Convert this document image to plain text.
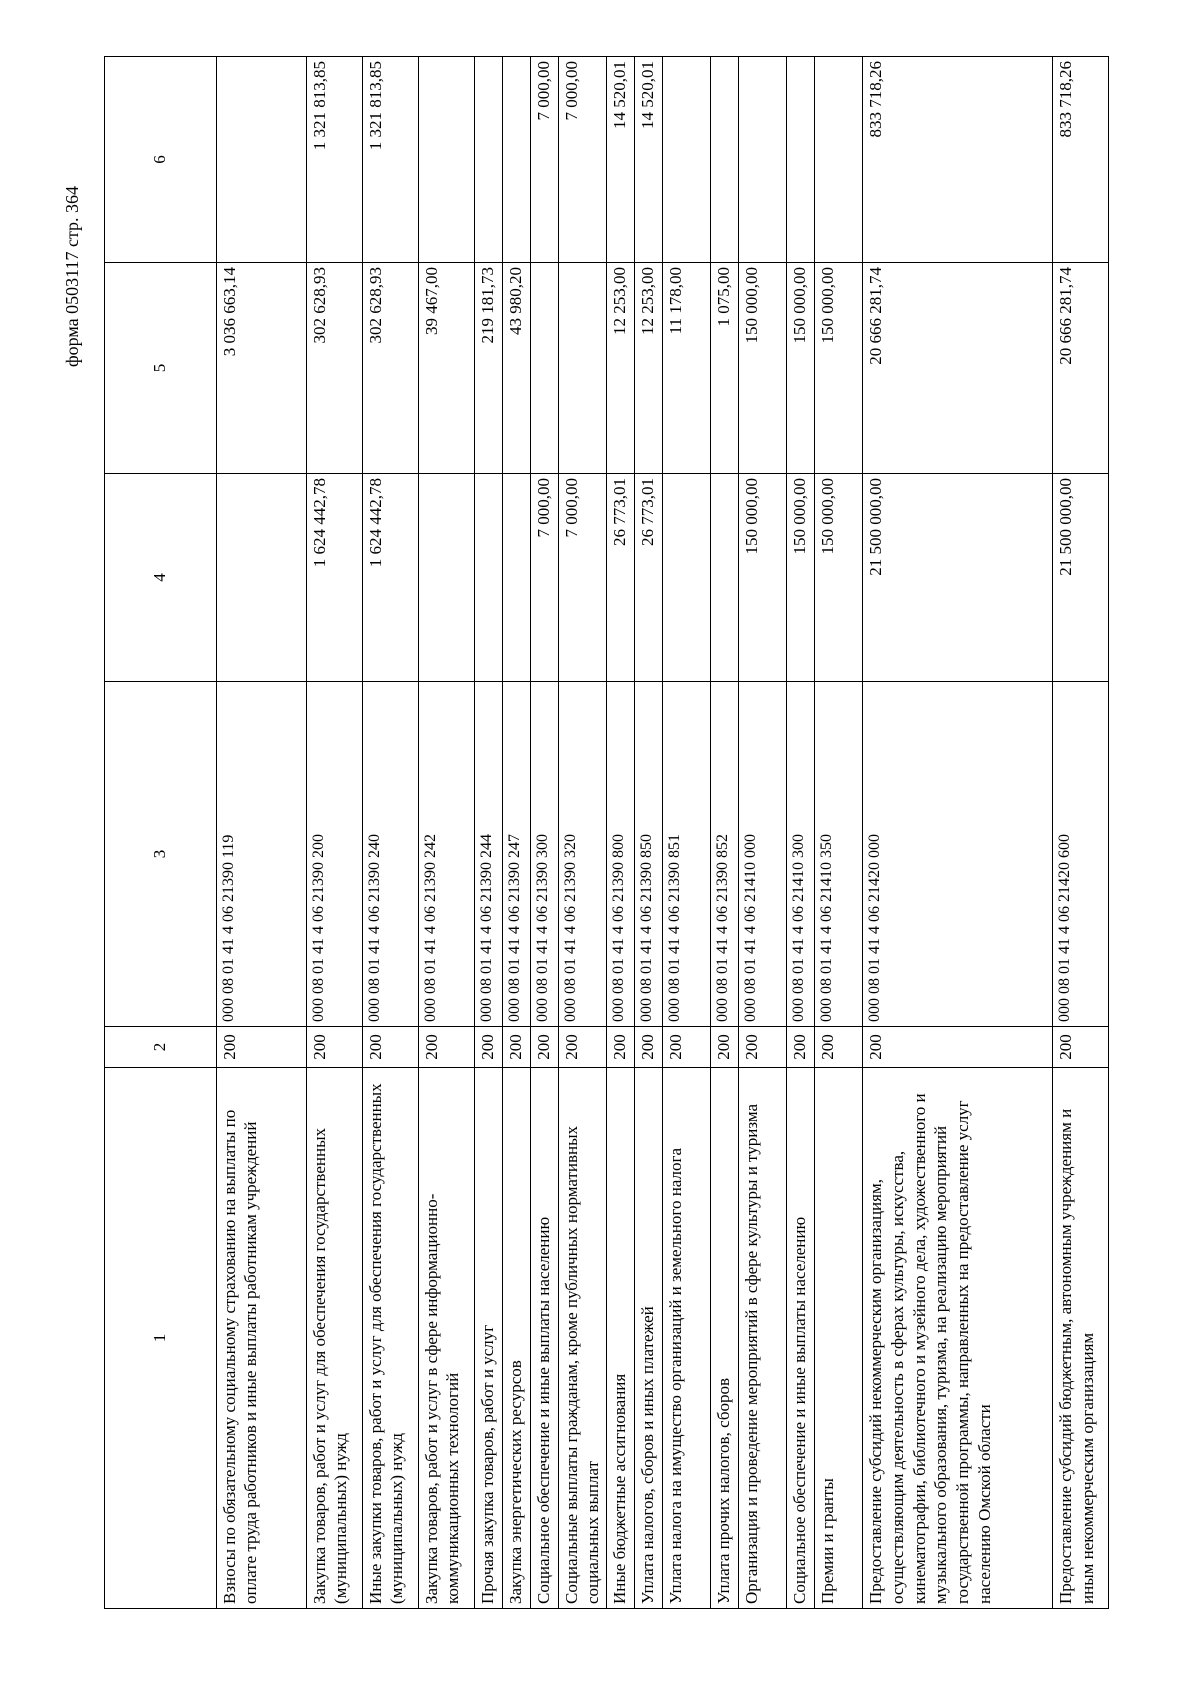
форма 0503117 стр. 364
1	2	3	4	5	6
Взносы по обязательному социальному страхованию на выплаты по оплате труда работников и иные выплаты работникам учреждений	200	000 08 01 41 4 06 21390 119		3 036 663,14	
Закупка товаров, работ и услуг для обеспечения государственных (муниципальных) нужд	200	000 08 01 41 4 06 21390 200	1 624 442,78	302 628,93	1 321 813,85
Иные закупки товаров, работ и услуг для обеспечения государственных (муниципальных) нужд	200	000 08 01 41 4 06 21390 240	1 624 442,78	302 628,93	1 321 813,85
Закупка товаров, работ и услуг в сфере информационно-коммуникационных технологий	200	000 08 01 41 4 06 21390 242		39 467,00	
Прочая закупка товаров, работ и услуг	200	000 08 01 41 4 06 21390 244		219 181,73	
Закупка энергетических ресурсов	200	000 08 01 41 4 06 21390 247		43 980,20	
Социальное обеспечение и иные выплаты населению	200	000 08 01 41 4 06 21390 300	7 000,00		7 000,00
Социальные выплаты гражданам, кроме публичных нормативных социальных выплат	200	000 08 01 41 4 06 21390 320	7 000,00		7 000,00
Иные бюджетные ассигнования	200	000 08 01 41 4 06 21390 800	26 773,01	12 253,00	14 520,01
Уплата налогов, сборов и иных платежей	200	000 08 01 41 4 06 21390 850	26 773,01	12 253,00	14 520,01
Уплата налога на имущество организаций и земельного налога	200	000 08 01 41 4 06 21390 851		11 178,00	
Уплата прочих налогов, сборов	200	000 08 01 41 4 06 21390 852		1 075,00	
Организация и проведение мероприятий в сфере культуры и туризма	200	000 08 01 41 4 06 21410 000	150 000,00	150 000,00	
Социальное обеспечение и иные выплаты населению	200	000 08 01 41 4 06 21410 300	150 000,00	150 000,00	
Премии и гранты	200	000 08 01 41 4 06 21410 350	150 000,00	150 000,00	
Предоставление субсидий некоммерческим организациям, осуществляющим деятельность в сферах культуры, искусства, кинематографии, библиотечного и музейного дела, художественного и музыкального образования, туризма, на реализацию мероприятий государственной программы, направленных на предоставление услуг населению Омской области	200	000 08 01 41 4 06 21420 000	21 500 000,00	20 666 281,74	833 718,26
Предоставление субсидий бюджетным, автономным учреждениям и иным некоммерческим организациям	200	000 08 01 41 4 06 21420 600	21 500 000,00	20 666 281,74	833 718,26
